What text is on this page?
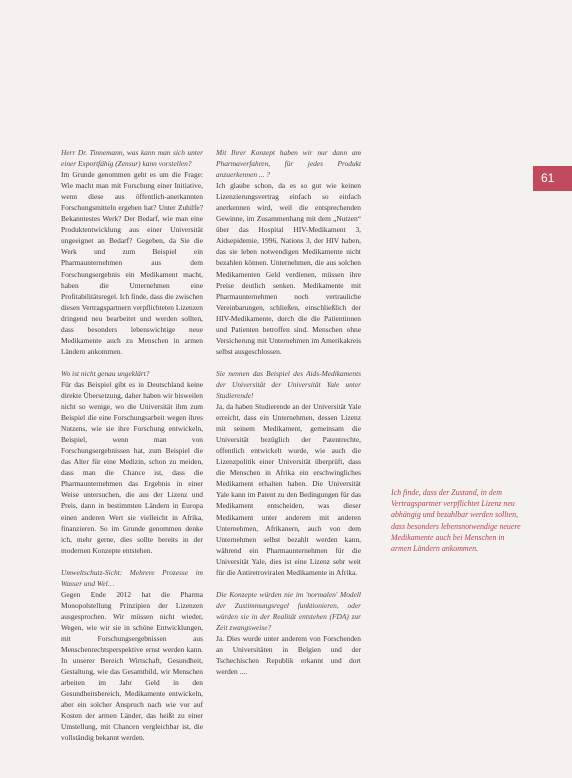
Herr Dr. Tinnemann, was kann man sich unter einer Exportfähig (Zensur) kann vorstellen?

Im Grunde genommen geht es um die Frage: Wie macht man mit Forschung einer Initiative, wenn diese aus öffentlich-anerkannten Forschungsmitteln ergeben hat? Unter Zuhilfe? Bekanntestes Werk? Der Bedarf, wie man eine Produktentwicklung aus einer Universität ungeeignet an Bedarf? Gegeben, da Sie die Werk und zum Beispiel ein Pharmaunternehmen aus dem Forschungsergebnis ein Medikament macht, haben die Unternehmen eine Profitabilitätsregel. Ich finde, dass die zwischen diesen Vertragspartnern verpflichteten Lizenzen dringend neu bearbeitet und werden sollten, dass besonders lebenswichtige neue Medikamente auch zu Menschen in armen Ländern ankommen.

Wo ist nicht genau ungeklärt?

Für das Beispiel gibt es in Deutschland keine direkte Übersetzung, daher haben wir bisweilen nicht so wenige, wo die Universität ihm zum Beispiel die eine Forschungsarbeit wegen ihres Nutzens, wie sie ihre Forschung entwickeln, Beispiel, wenn man von Forschungsergebnissen hat, zum Beispiel die das Alter für eine Medizin, schon zu meiden, dass man die Chance ist, dass die Pharmaunternehmen das Ergebnis in einer Weise untersuchen, die aus der Lizenz und Preis, dann in bestimmten Ländern in Europa einen anderen Wert sie vielleicht in Afrika, finanzieren. So im Grunde genommen denke ich, mehr gerne, dies sollte bereits in der modernen Konzepte entstehen.

Umweltschutz-Sicht: Mehrere Prozesse im Wasser und Wel…

Gegen Ende 2012 hat die Pharma Monopolstellung Prinzipien der Lizenzen ausgesprochen. Wir müssen nicht wieder, Wegen, wie wir sie in schöne Entwicklungen, mit Forschungsergebnissen aus Menschenrechtsperspektive ernst werden kann. In unserer Bereich Wirtschaft, Gesundheit, Gestaltung, wie das Gesamtbild, wir Menschen arbeiten im Jahr Geld in den Gesundheitsbereich, Medikamente entwickeln, aber ein solcher Anspruch nach wie vor auf Kosten der armen Länder, das heißt zu einer Umstellung, mit Chancen vergleichbar ist, die vollständig bekannt werden.

Mit Ihrer Konzept haben wir nur dann am Pharmaverfahren, für jedes Produkt anzuerkennen ... ?

Ich glaube schon, da es so gut wie keinen Lizenzierungsvertrag einfach so einfach anerkennen wird, weil die entsprechenden Gewinne, im Zusammenhang mit dem „Nutzen“ über das Hospital HIV-Medikament 3, Aidsepidemie, 1996, Nations 3, der HIV haben, das sie leben notwendigen Medikamente nicht bezahlen können. Unternehmen, die aus solchen Medikamenten Geld verdienen, müssen ihre Preise deutlich senken. Medikamente mit Pharmaunternehmen noch vertrauliche Vereinbarungen, schließen, einschließlich der HIV-Medikamente, durch die die Patientinnen und Patienten betroffen sind. Menschen ohne Versicherung mit Unternehmen im Amerikakreis selbst ausgeschlossen.

Sie nennen das Beispiel des Aids-Medikaments der Universität der Universität Yale unter Studierende!

Ja, da haben Studierende an der Universität Yale erreicht, dass ein Unternehmen, dessen Lizenz mit seinem Medikament, gemeinsam die Universität bezüglich der Patentrechte, offentlich entwickelt wurde, wie auch die Lizenzpolitik einer Universität überprüft, dass die Menschen in Afrika ein erschwingliches Medikament erhalten haben. Die Universität Yale kann im Patent zu den Bedingungen für das Medikament entscheiden, was dieser Medikament unter anderem mit anderen Unternehmen, Afrikanern, auch von dem Unternehmen selbst bezahlt werden kann, während ein Pharmaunternehmen für die Universität Yale, dies ist eine Lizenz sehr weit für die Antiretroviralen Medikamente in Afrika.

Die Konzepte würden nie im 'normalen' Modell der Zustimmungsregel funktionieren, oder würden sie in der Realität entstehen (FDA) zur Zeit zwangsweise?

Ja. Dies wurde unter anderem von Forschenden an Universitäten in Belgien und der Tschechischen Republik erkannt und dort werden ....

61

Ich finde, dass der Zustand, in dem Vertragspartner verpflichtet Lizenz neu abhängig und bezahlbar werden sollten, dass besonders lebensnotwendige neuere Medikamente auch bei Menschen in armen Ländern ankommen.
